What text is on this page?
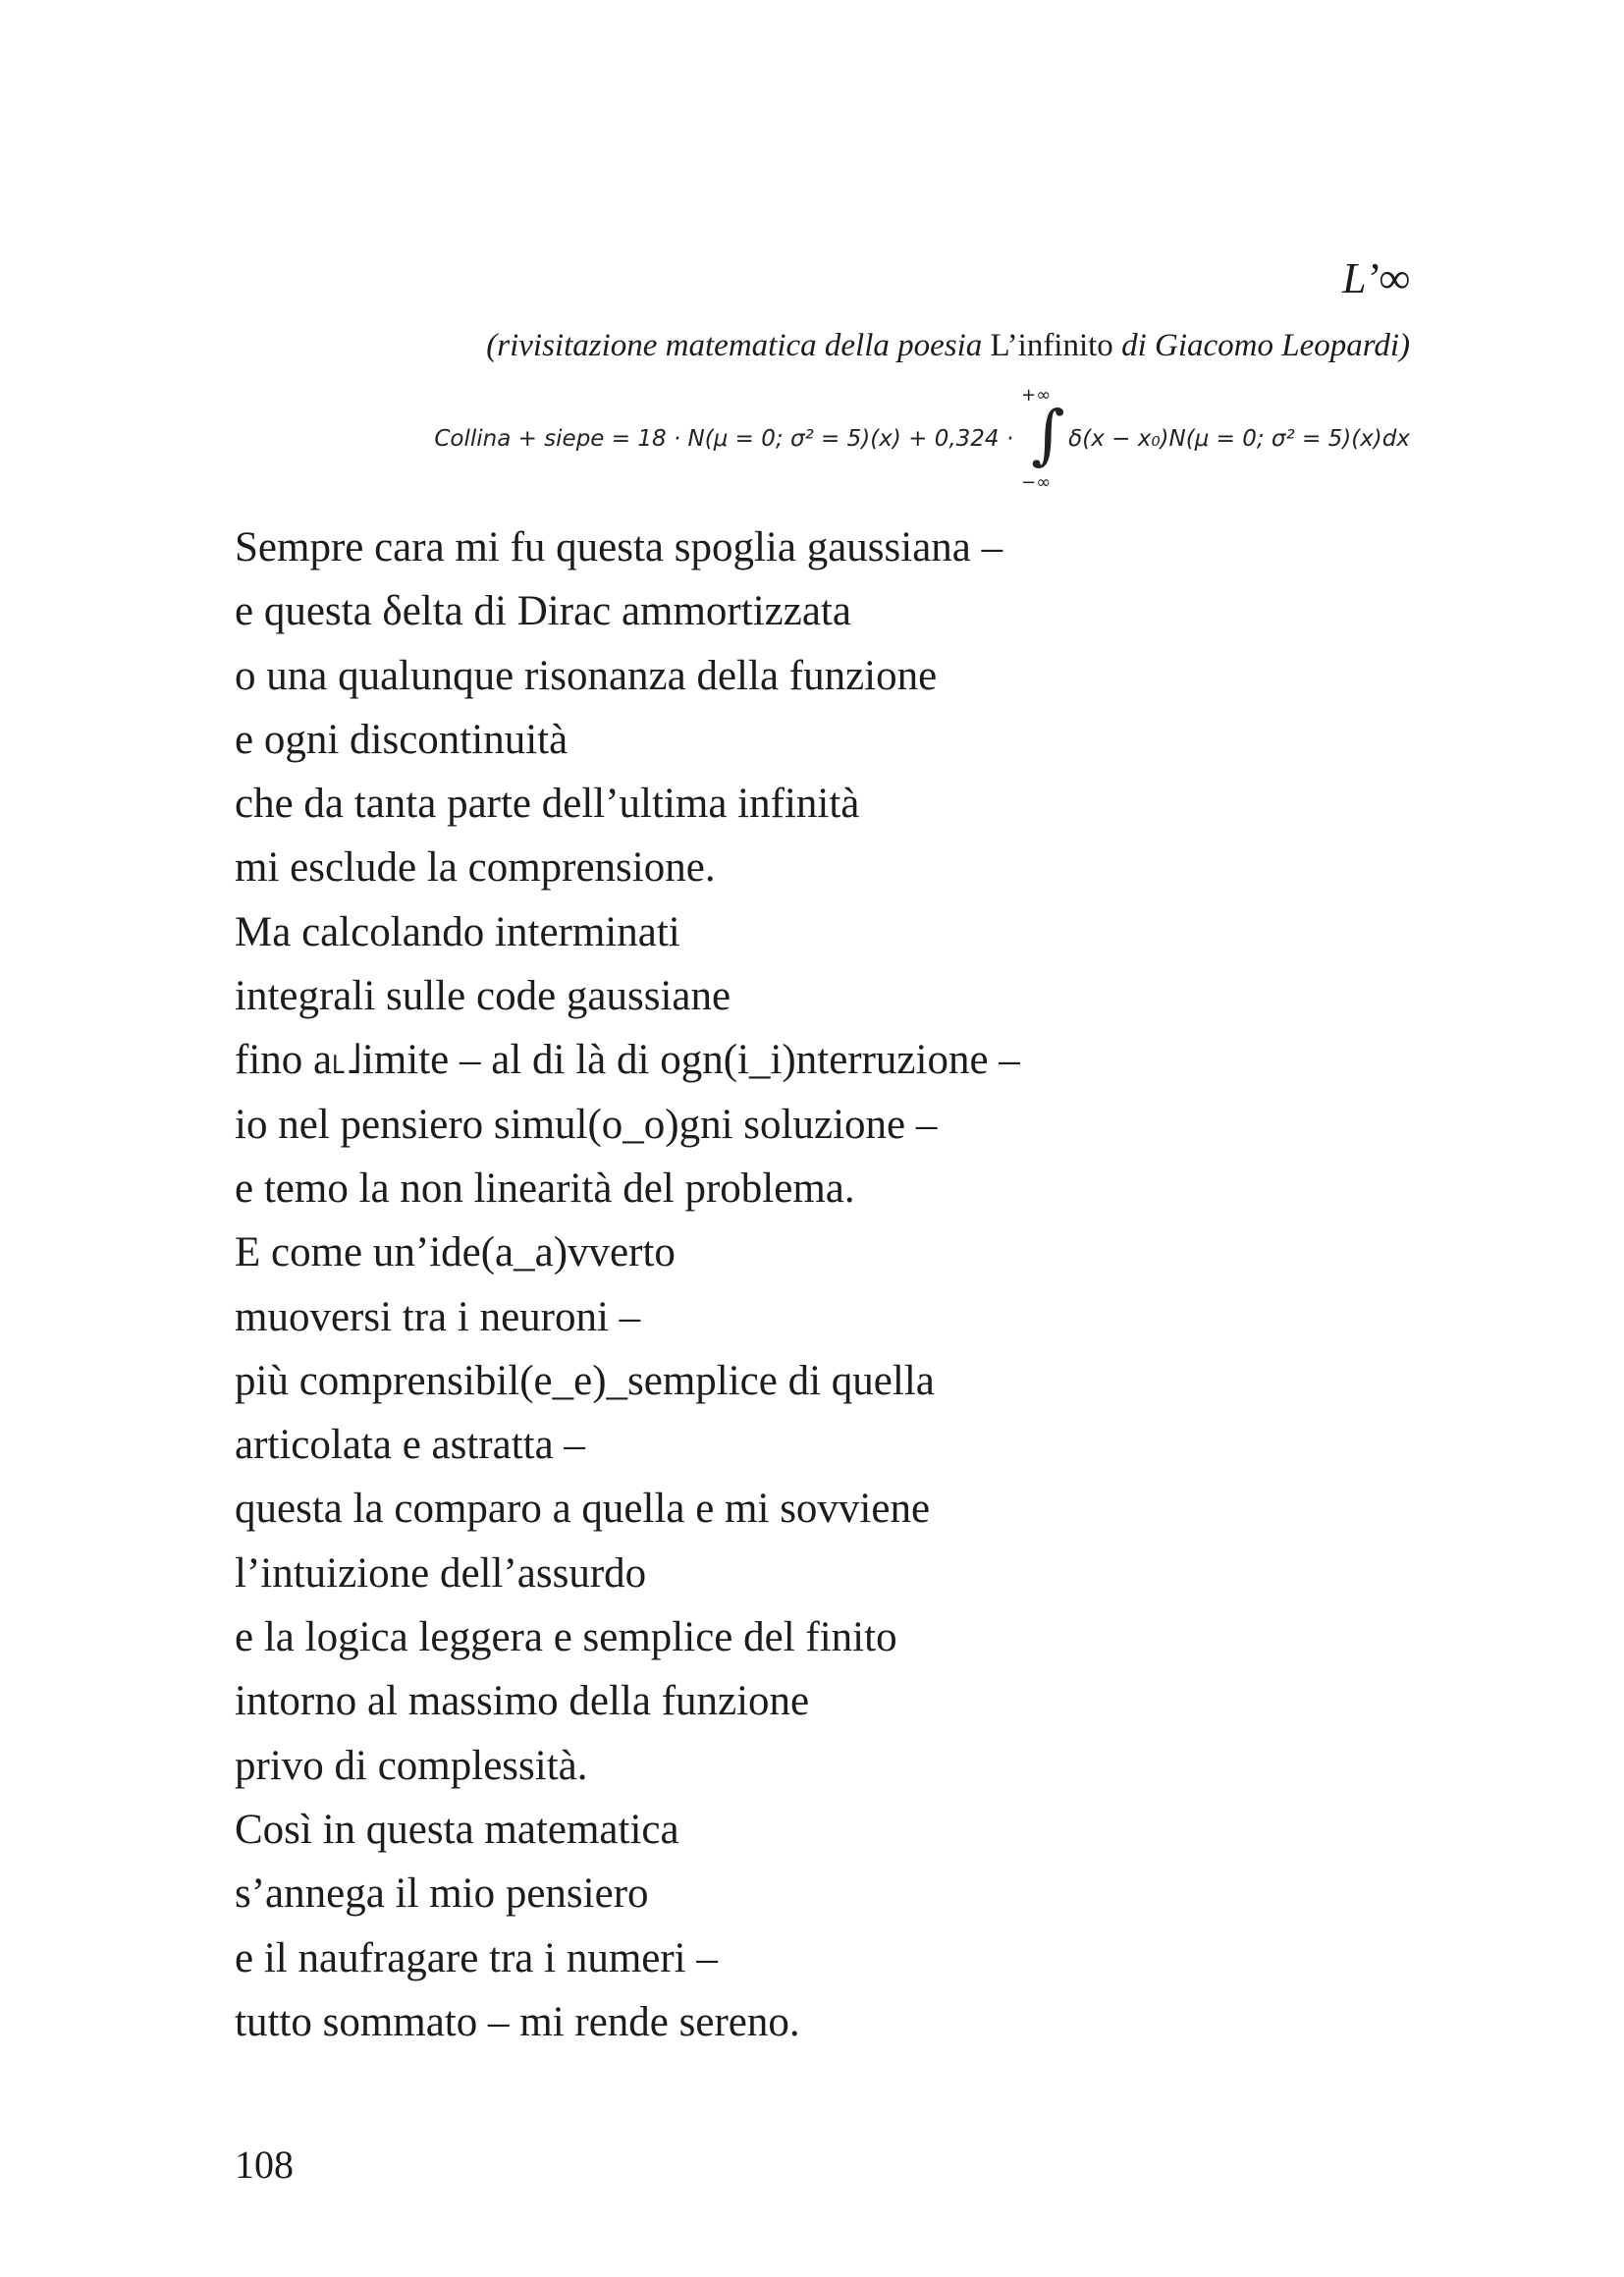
L’∞
(rivisitazione matematica della poesia L’infinito di Giacomo Leopardi)
Collina + siepe = 18 · N(μ = 0; σ² = 5)(x) + 0,324 ·
+∞
∫
−∞
δ(x − x₀)N(μ = 0; σ² = 5)(x)dx
Sempre cara mi fu questa spoglia gaussiana –
e questa δelta di Dirac ammortizzata
o una qualunque risonanza della funzione
e ogni discontinuità
che da tanta parte dell’ultima infinità
mi esclude la comprensione.
Ma calcolando interminati
integrali sulle code gaussiane
fino a˪˩imite – al di là di ogn(i_i)nterruzione –
io nel pensiero simul(o_o)gni soluzione –
e temo la non linearità del problema.
E come un’ide(a_a)vverto
muoversi tra i neuroni –
più comprensibil(e_e)_semplice di quella
articolata e astratta –
questa la comparo a quella e mi sovviene
l’intuizione dell’assurdo
e la logica leggera e semplice del finito
intorno al massimo della funzione
privo di complessità.
Così in questa matematica
s’annega il mio pensiero
e il naufragare tra i numeri –
tutto sommato – mi rende sereno.
108
